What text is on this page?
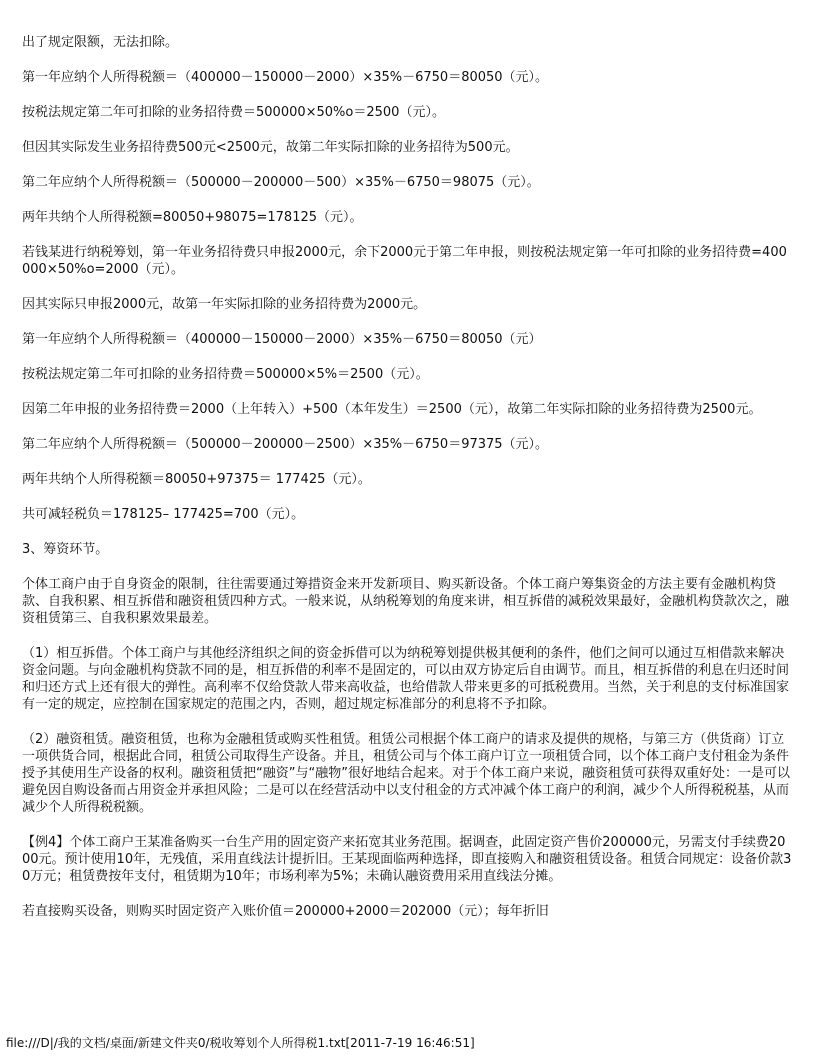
出了规定限额，无法扣除。

第一年应纳个人所得税额＝（400000－150000－2000）×35%－6750＝80050（元）。

按税法规定第二年可扣除的业务招待费＝500000×50%o＝2500（元）。

但因其实际发生业务招待费500元<2500元，故第二年实际扣除的业务招待为500元。

第二年应纳个人所得税额＝（500000－200000－500）×35%－6750＝98075（元）。

两年共纳个人所得税额=80050+98075=178125（元）。

若钱某进行纳税筹划，第一年业务招待费只申报2000元，余下2000元于第二年申报，则按税法规定第一年可扣除的业务招待费=400000×50%o=2000（元）。

因其实际只申报2000元，故第一年实际扣除的业务招待费为2000元。

第一年应纳个人所得税额＝（400000－150000－2000）×35%－6750＝80050（元）

按税法规定第二年可扣除的业务招待费＝500000×5%＝2500（元）。

因第二年申报的业务招待费＝2000（上年转入）+500（本年发生）＝2500（元），故第二年实际扣除的业务招待费为2500元。

第二年应纳个人所得税额＝（500000－200000－2500）×35%－6750＝97375（元）。

两年共纳个人所得税额＝80050+97375＝ 177425（元）。

共可减轻税负＝178125– 177425=700（元）。

3、筹资环节。

个体工商户由于自身资金的限制，往往需要通过筹措资金来开发新项目、购买新设备。个体工商户筹集资金的方法主要有金融机构贷款、自我积累、相互拆借和融资租赁四种方式。一般来说，从纳税筹划的角度来讲，相互拆借的减税效果最好，金融机构贷款次之，融资租赁第三、自我积累效果最差。

（1）相互拆借。个体工商户与其他经济组织之间的资金拆借可以为纳税筹划提供极其便利的条件，他们之间可以通过互相借款来解决资金问题。与向金融机构贷款不同的是，相互拆借的利率不是固定的，可以由双方协定后自由调节。而且，相互拆借的利息在归还时间和归还方式上还有很大的弹性。高利率不仅给贷款人带来高收益，也给借款人带来更多的可抵税费用。当然，关于利息的支付标准国家有一定的规定，应控制在国家规定的范围之内，否则，超过规定标准部分的利息将不予扣除。

（2）融资租赁。融资租赁，也称为金融租赁或购买性租赁。租赁公司根据个体工商户的请求及提供的规格，与第三方（供货商）订立一项供货合同，根据此合同，租赁公司取得生产设备。并且，租赁公司与个体工商户订立一项租赁合同，以个体工商户支付租金为条件授予其使用生产设备的权利。融资租赁把“融资”与“融物”很好地结合起来。对于个体工商户来说，融资租赁可获得双重好处：一是可以避免因自购设备而占用资金并承担风险；二是可以在经营活动中以支付租金的方式冲减个体工商户的利润，减少个人所得税税基，从而减少个人所得税税额。

【例4】个体工商户王某准备购买一台生产用的固定资产来拓宽其业务范围。据调查，此固定资产售价200000元，另需支付手续费2000元。预计使用10年，无残值，采用直线法计提折旧。王某现面临两种选择，即直接购入和融资租赁设备。租赁合同规定：设备价款30万元；租赁费按年支付，租赁期为10年；市场利率为5%；未确认融资费用采用直线法分摊。

若直接购买设备，则购买时固定资产入账价值＝200000+2000＝202000（元）；每年折旧

file:///D|/我的文档/桌面/新建文件夹0/税收筹划个人所得税1.txt[2011-7-19 16:46:51]
